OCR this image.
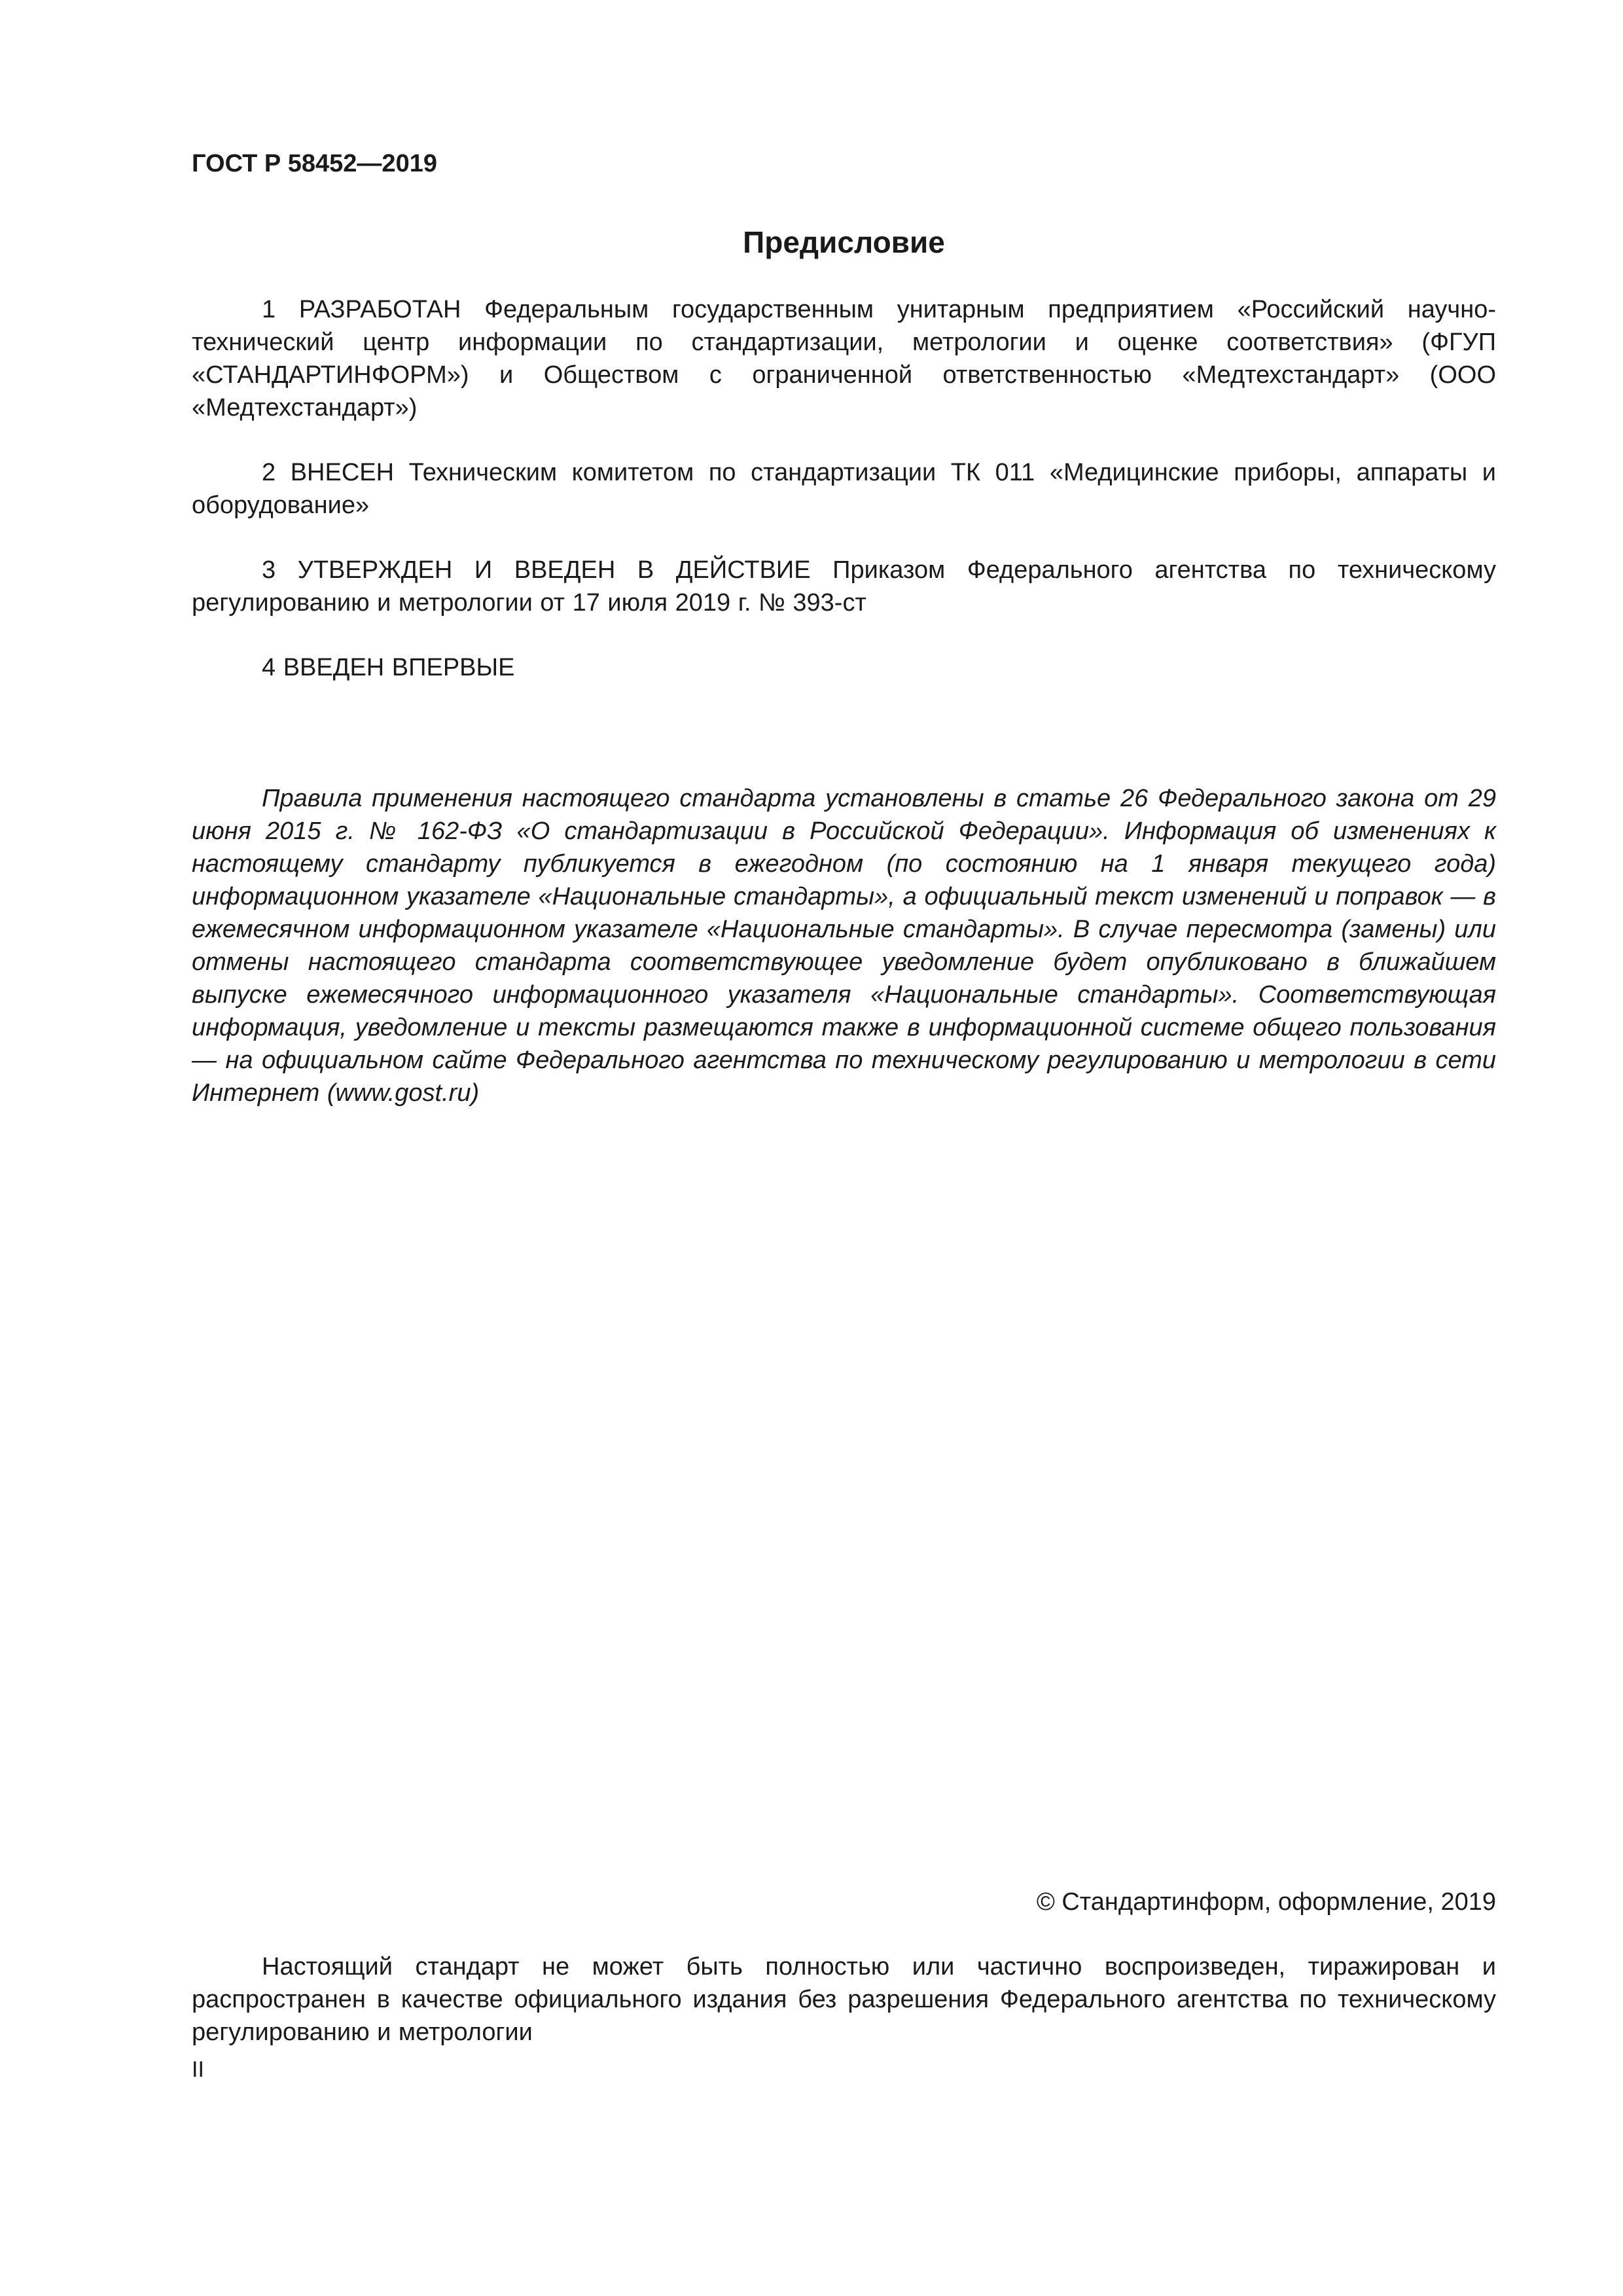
ГОСТ Р 58452—2019

Предисловие

1 РАЗРАБОТАН Федеральным государственным унитарным предприятием «Российский научно-технический центр информации по стандартизации, метрологии и оценке соответствия» (ФГУП «СТАНДАРТИНФОРМ») и Обществом с ограниченной ответственностью «Медтехстандарт» (ООО «Медтехстандарт»)

2 ВНЕСЕН Техническим комитетом по стандартизации ТК 011 «Медицинские приборы, аппараты и оборудование»

3 УТВЕРЖДЕН И ВВЕДЕН В ДЕЙСТВИЕ Приказом Федерального агентства по техническому регулированию и метрологии от 17 июля 2019 г. № 393-ст

4 ВВЕДЕН ВПЕРВЫЕ

Правила применения настоящего стандарта установлены в статье 26 Федерального закона от 29 июня 2015 г. № 162-ФЗ «О стандартизации в Российской Федерации». Информация об изменениях к настоящему стандарту публикуется в ежегодном (по состоянию на 1 января текущего года) информационном указателе «Национальные стандарты», а официальный текст изменений и поправок — в ежемесячном информационном указателе «Национальные стандарты». В случае пересмотра (замены) или отмены настоящего стандарта соответствующее уведомление будет опубликовано в ближайшем выпуске ежемесячного информационного указателя «Национальные стандарты». Соответствующая информация, уведомление и тексты размещаются также в информационной системе общего пользования — на официальном сайте Федерального агентства по техническому регулированию и метрологии в сети Интернет (www.gost.ru)

© Стандартинформ, оформление, 2019

Настоящий стандарт не может быть полностью или частично воспроизведен, тиражирован и распространен в качестве официального издания без разрешения Федерального агентства по техническому регулированию и метрологии

II
